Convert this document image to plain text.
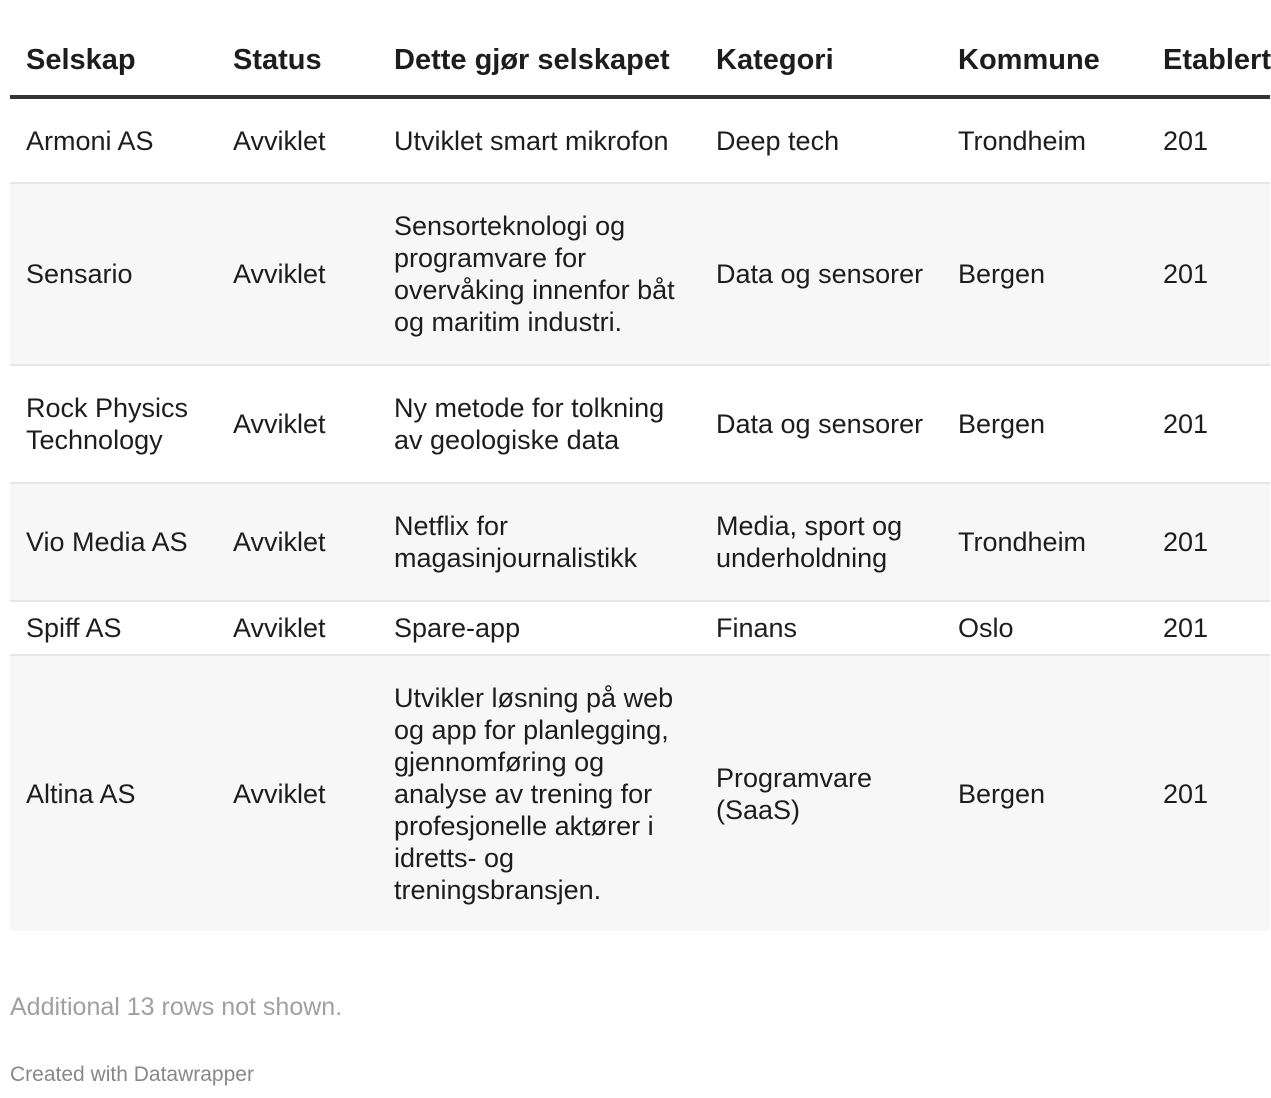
Selskap	Status	Dette gjør selskapet	Kategori	Kommune	Etablert
Armoni AS	Avviklet	Utviklet smart mikrofon	Deep tech	Trondheim	201
Sensario	Avviklet	Sensorteknologi og programvare for overvåking innenfor båt og maritim industri.	Data og sensorer	Bergen	201
Rock Physics Technology	Avviklet	Ny metode for tolkning av geologiske data	Data og sensorer	Bergen	201
Vio Media AS	Avviklet	Netflix for magasinjournalistikk	Media, sport og underholdning	Trondheim	201
Spiff AS	Avviklet	Spare-app	Finans	Oslo	201
Altina AS	Avviklet	Utvikler løsning på web og app for planlegging, gjennomføring og analyse av trening for profesjonelle aktører i idretts- og treningsbransjen.	Programvare (SaaS)	Bergen	201
Additional 13 rows not shown.
Created with Datawrapper
